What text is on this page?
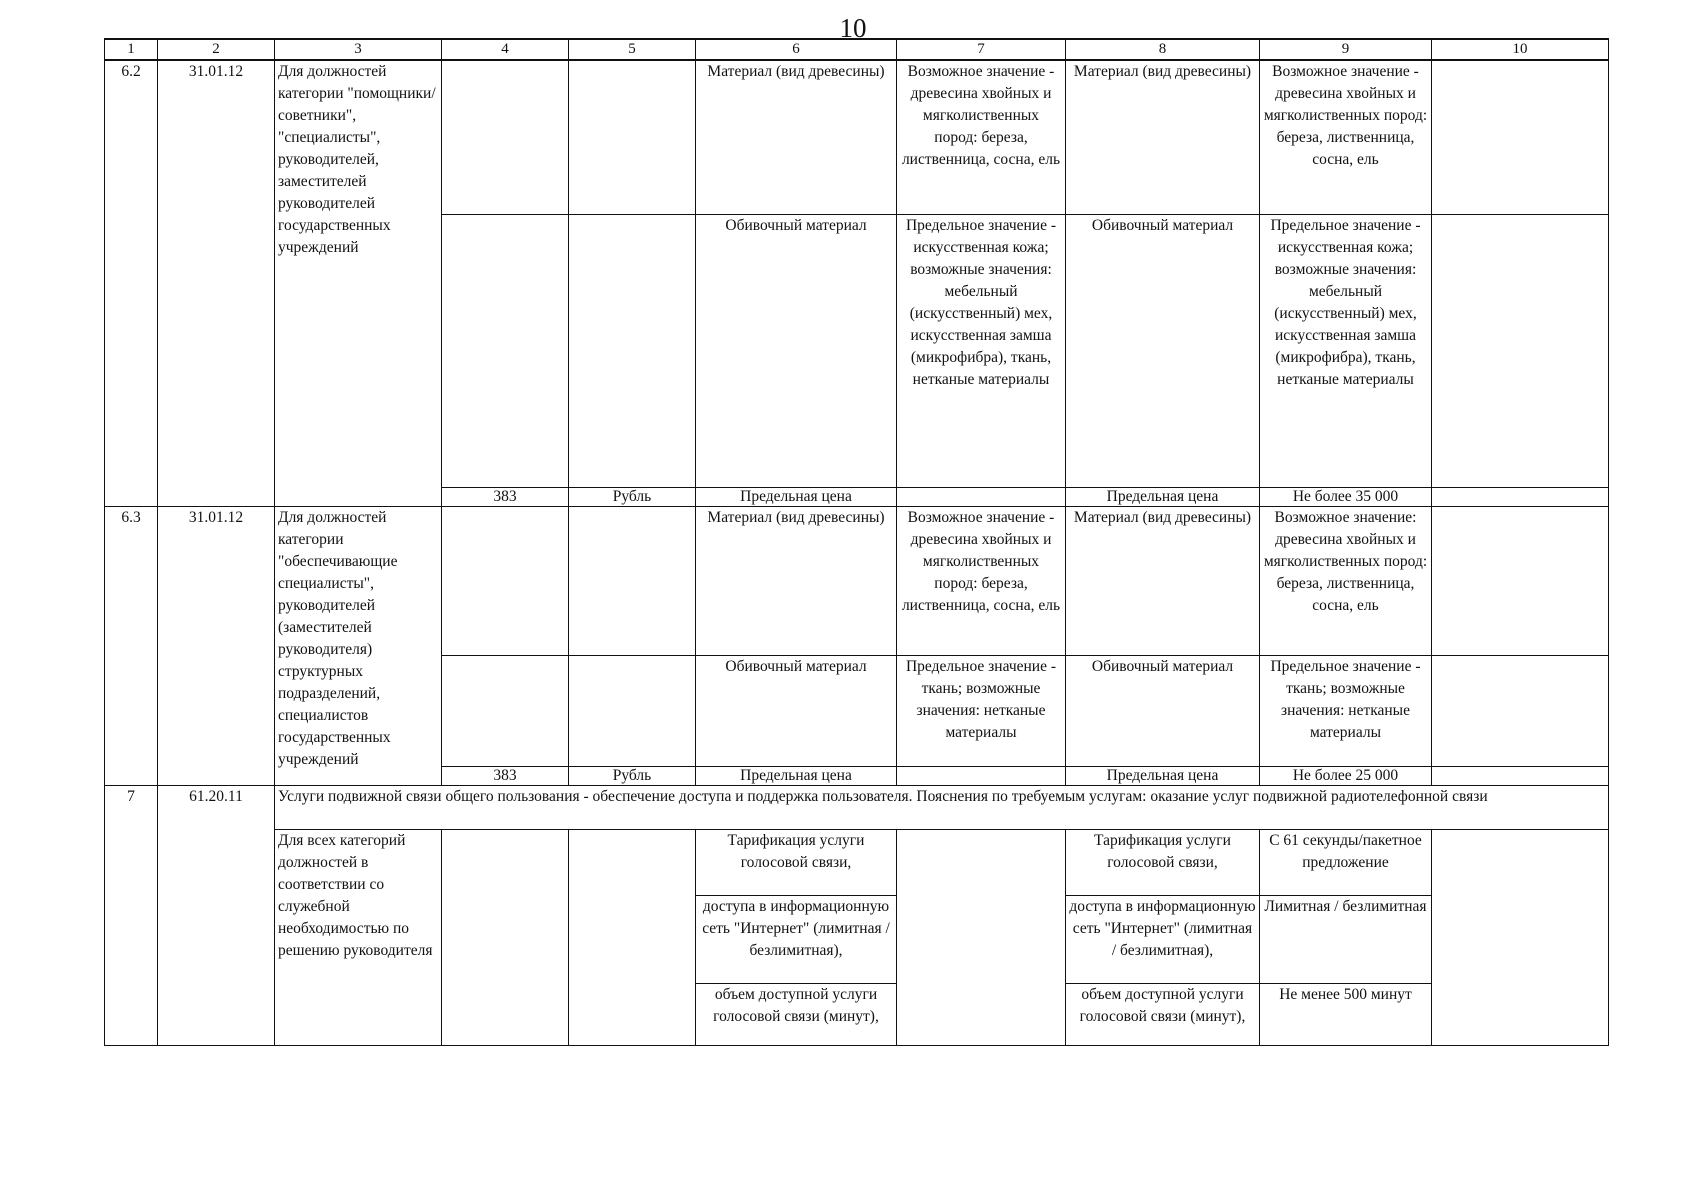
10
1	2	3	4	5	6	7	8	9	10
6.2	31.01.12	Для должностей категории "помощники/советники", "специалисты", руководителей, заместителей руководителей государственных учреждений			Материал (вид древесины)	Возможное значение - древесина хвойных и мягколиственных пород: береза, лиственница, сосна, ель	Материал (вид древесины)	Возможное значение - древесина хвойных и мягколиственных пород: береза, лиственница, сосна, ель	
					Обивочный материал	Предельное значение - искусственная кожа; возможные значения: мебельный (искусственный) мех, искусственная замша (микрофибра), ткань, нетканые материалы	Обивочный материал	Предельное значение - искусственная кожа; возможные значения: мебельный (искусственный) мех, искусственная замша (микрофибра), ткань, нетканые материалы	
			383	Рубль	Предельная цена		Предельная цена	Не более 35 000	
6.3	31.01.12	Для должностей категории "обеспечивающие специалисты", руководителей (заместителей руководителя) структурных подразделений, специалистов государственных учреждений			Материал (вид древесины)	Возможное значение - древесина хвойных и мягколиственных пород: береза, лиственница, сосна, ель	Материал (вид древесины)	Возможное значение: древесина хвойных и мягколиственных пород: береза, лиственница, сосна, ель	
					Обивочный материал	Предельное значение - ткань; возможные значения: нетканые материалы	Обивочный материал	Предельное значение - ткань; возможные значения: нетканые материалы	
			383	Рубль	Предельная цена		Предельная цена	Не более 25 000	
7	61.20.11	Услуги подвижной связи общего пользования - обеспечение доступа и поддержка пользователя. Пояснения по требуемым услугам: оказание услуг подвижной радиотелефонной связи							
		Для всех категорий должностей в соответствии со служебной необходимостью по решению руководителя			Тарификация услуги голосовой связи,		Тарификация услуги голосовой связи,	С 61 секунды/пакетное предложение	
					доступа в информационную сеть "Интернет" (лимитная / безлимитная),		доступа в информационную сеть "Интернет" (лимитная / безлимитная),	Лимитная / безлимитная	
					объем доступной услуги голосовой связи (минут),		объем доступной услуги голосовой связи (минут),	Не менее 500 минут	
